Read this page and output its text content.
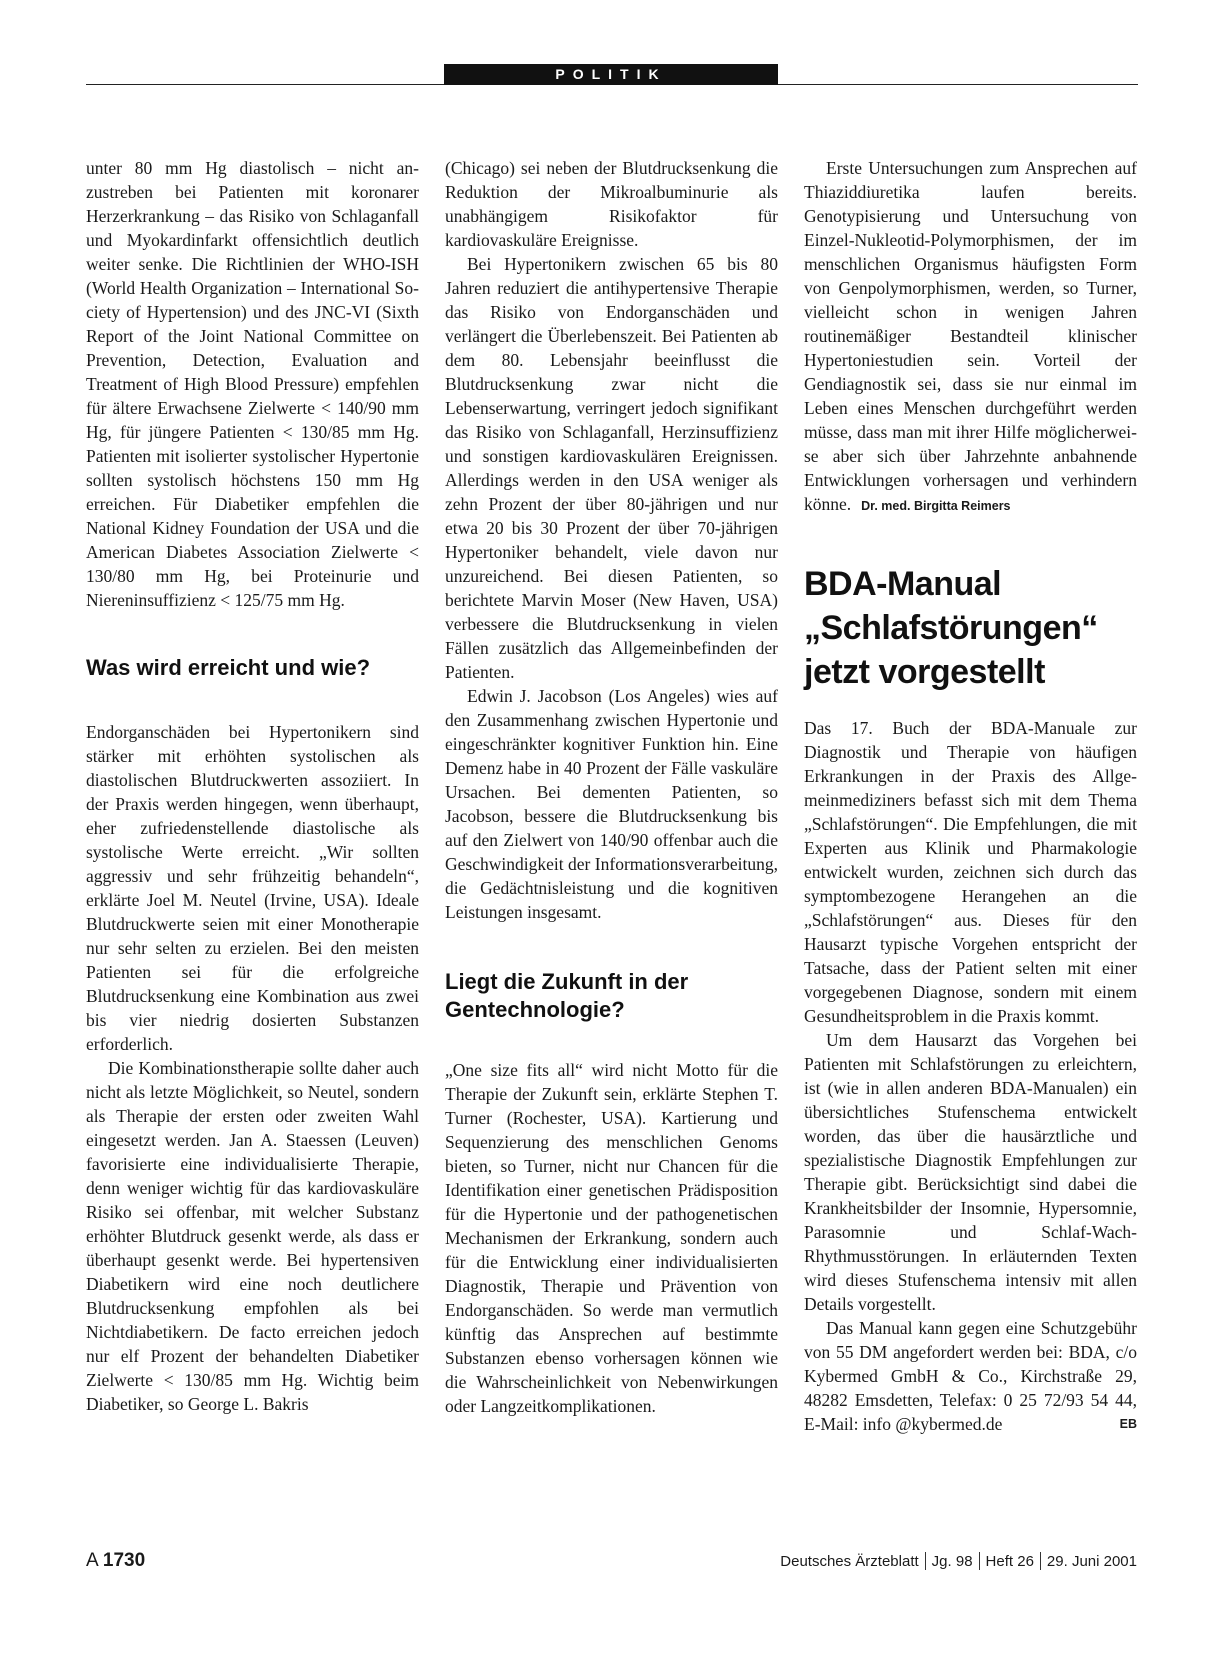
POLITIK

unter 80 mm Hg diastolisch – nicht anzustreben bei Patienten mit koronarer Herzerkrankung – das Risiko von Schlaganfall und Myokardinfarkt offensichtlich deutlich weiter senke. Die Richtlinien der WHO-ISH (World Health Organization – International Society of Hypertension) und des JNC-VI (Sixth Report of the Joint National Committee on Prevention, Detection, Evaluation and Treatment of High Blood Pressure) empfehlen für ältere Erwachsene Zielwerte < 140/90 mm Hg, für jüngere Patienten < 130/85 mm Hg. Patienten mit isolierter systolischer Hypertonie sollten systolisch höchstens 150 mm Hg erreichen. Für Diabetiker empfehlen die National Kidney Foundation der USA und die American Diabetes Association Zielwerte < 130/80 mm Hg, bei Proteinurie und Niereninsuffizienz < 125/75 mm Hg.

Was wird erreicht und wie?

Endorganschäden bei Hypertonikern sind stärker mit erhöhten systolischen als diastolischen Blutdruckwerten assoziiert. In der Praxis werden hingegen, wenn überhaupt, eher zufriedenstellende diastolische als systolische Werte erreicht. „Wir sollten aggressiv und sehr frühzeitig behandeln“, erklärte Joel M. Neutel (Irvine, USA). Ideale Blutdruckwerte seien mit einer Monotherapie nur sehr selten zu erzielen. Bei den meisten Patienten sei für die erfolgreiche Blutdrucksenkung eine Kombination aus zwei bis vier niedrig dosierten Substanzen erforderlich.

Die Kombinationstherapie sollte daher auch nicht als letzte Möglichkeit, so Neutel, sondern als Therapie der ersten oder zweiten Wahl eingesetzt werden. Jan A. Staessen (Leuven) favorisierte eine individualisierte Therapie, denn weniger wichtig für das kardiovaskuläre Risiko sei offenbar, mit welcher Substanz erhöhter Blutdruck gesenkt werde, als dass er überhaupt gesenkt werde. Bei hypertensiven Diabetikern wird eine noch deutlichere Blutdrucksenkung empfohlen als bei Nichtdiabetikern. De facto erreichen jedoch nur elf Prozent der behandelten Diabetiker Zielwerte < 130/85 mm Hg. Wichtig beim Diabetiker, so George L. Bakris

(Chicago) sei neben der Blutdrucksenkung die Reduktion der Mikroalbuminurie als unabhängigem Risikofaktor für kardiovaskuläre Ereignisse.

Bei Hypertonikern zwischen 65 bis 80 Jahren reduziert die antihypertensive Therapie das Risiko von Endorganschäden und verlängert die Überlebenszeit. Bei Patienten ab dem 80. Lebensjahr beeinflusst die Blutdrucksenkung zwar nicht die Lebenserwartung, verringert jedoch signifikant das Risiko von Schlaganfall, Herzinsuffizienz und sonstigen kardiovaskulären Ereignissen. Allerdings werden in den USA weniger als zehn Prozent der über 80-jährigen und nur etwa 20 bis 30 Prozent der über 70-jährigen Hypertoniker behandelt, viele davon nur unzureichend. Bei diesen Patienten, so berichtete Marvin Moser (New Haven, USA) verbessere die Blutdrucksenkung in vielen Fällen zusätzlich das Allgemeinbefinden der Patienten.

Edwin J. Jacobson (Los Angeles) wies auf den Zusammenhang zwischen Hypertonie und eingeschränkter kognitiver Funktion hin. Eine Demenz habe in 40 Prozent der Fälle vaskuläre Ursachen. Bei dementen Patienten, so Jacobson, bessere die Blutdrucksenkung bis auf den Zielwert von 140/90 offenbar auch die Geschwindigkeit der Informationsverarbeitung, die Gedächtnisleistung und die kognitiven Leistungen insgesamt.

Liegt die Zukunft in der Gentechnologie?

„One size fits all“ wird nicht Motto für die Therapie der Zukunft sein, erklärte Stephen T. Turner (Rochester, USA). Kartierung und Sequenzierung des menschlichen Genoms bieten, so Turner, nicht nur Chancen für die Identifikation einer genetischen Prädisposition für die Hypertonie und der pathogenetischen Mechanismen der Erkrankung, sondern auch für die Entwicklung einer individualisierten Diagnostik, Therapie und Prävention von Endorganschäden. So werde man vermutlich künftig das Ansprechen auf bestimmte Substanzen ebenso vorhersagen können wie die Wahrscheinlichkeit von Nebenwirkungen oder Langzeitkomplikationen.

Erste Untersuchungen zum Ansprechen auf Thiaziddiuretika laufen bereits. Genotypisierung und Untersuchung von Einzel-Nukleotid-Polymorphismen, der im menschlichen Organismus häufigsten Form von Genpolymorphismen, werden, so Turner, vielleicht schon in wenigen Jahren routinemäßiger Bestandteil klinischer Hypertoniestudien sein. Vorteil der Gendiagnostik sei, dass sie nur einmal im Leben eines Menschen durchgeführt werden müsse, dass man mit ihrer Hilfe möglicherweise aber sich über Jahrzehnte anbahnende Entwicklungen vorhersagen und verhindern könne. Dr. med. Birgitta Reimers

BDA-Manual „Schlafstörungen“ jetzt vorgestellt

Das 17. Buch der BDA-Manuale zur Diagnostik und Therapie von häufigen Erkrankungen in der Praxis des Allgemeinmediziners befasst sich mit dem Thema „Schlafstörungen“. Die Empfehlungen, die mit Experten aus Klinik und Pharmakologie entwickelt wurden, zeichnen sich durch das symptombezogene Herangehen an die „Schlafstörungen“ aus. Dieses für den Hausarzt typische Vorgehen entspricht der Tatsache, dass der Patient selten mit einer vorgegebenen Diagnose, sondern mit einem Gesundheitsproblem in die Praxis kommt.

Um dem Hausarzt das Vorgehen bei Patienten mit Schlafstörungen zu erleichtern, ist (wie in allen anderen BDA-Manualen) ein übersichtliches Stufenschema entwickelt worden, das über die hausärztliche und spezialistische Diagnostik Empfehlungen zur Therapie gibt. Berücksichtigt sind dabei die Krankheitsbilder der Insomnie, Hypersomnie, Parasomnie und Schlaf-Wach-Rhythmusstörungen. In erläuternden Texten wird dieses Stufenschema intensiv mit allen Details vorgestellt.

Das Manual kann gegen eine Schutzgebühr von 55 DM angefordert werden bei: BDA, c/o Kybermed GmbH & Co., Kirchstraße 29, 48282 Emsdetten, Telefax: 0 25 72/93 54 44, E-Mail: info @kybermed.de	EB

A 1730	Deutsches Ärzteblatt Jg. 98 Heft 26 29. Juni 2001
